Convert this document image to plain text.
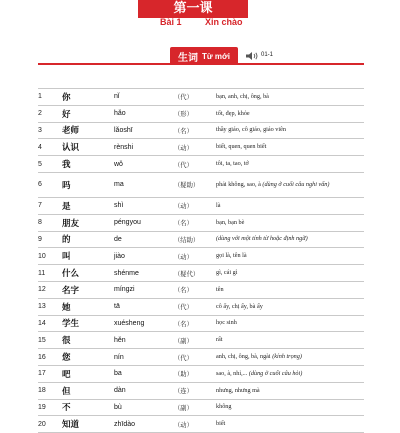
第一课
Bài 1	Xin chào
生词 Từ mới	01-1
1	你	nǐ	（代）	bạn, anh, chị, ông, bà
2	好	hǎo	（形）	tốt, đẹp, khỏe
3	老师	lǎoshī	（名）	thầy giáo, cô giáo, giáo viên
4	认识	rènshi	（动）	biết, quen, quen biết
5	我	wǒ	（代）	tôi, ta, tao, tớ
6	吗	ma	（疑助）	phải không, sao, à (dùng ở cuối câu nghi vấn)
7	是	shì	（动）	là
8	朋友	péngyou	（名）	bạn, bạn bè
9	的	de	（结助）	(dùng với một tính từ hoặc định ngữ)
10	叫	jiào	（动）	gọi là, tên là
11	什么	shénme	（疑代）	gì, cái gì
12	名字	míngzi	（名）	tên
13	她	tā	（代）	cô ấy, chị ấy, bà ấy
14	学生	xuésheng	（名）	học sinh
15	很	hěn	（副）	rất
16	您	nín	（代）	anh, chị, ông, bà, ngài (kính trọng)
17	吧	ba	（助）	sao, à, nhỉ,... (dùng ở cuối câu hỏi)
18	但	dàn	（连）	nhưng, nhưng mà
19	不	bù	（副）	không
20	知道	zhīdào	（动）	biết
